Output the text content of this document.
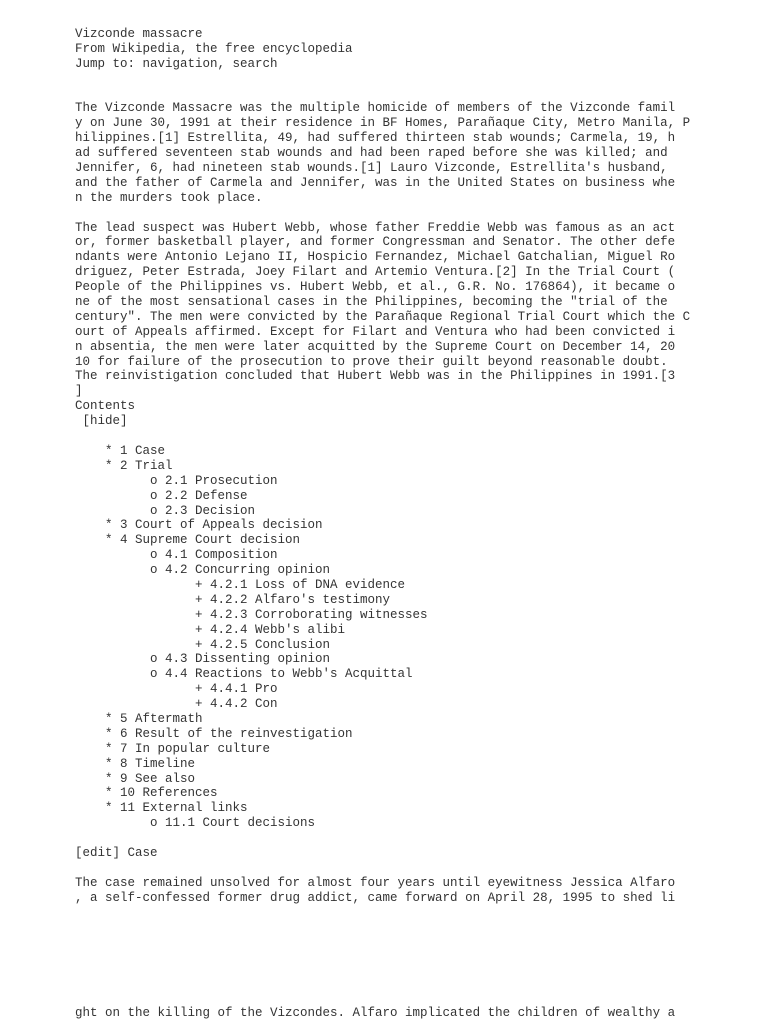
Vizconde massacre
From Wikipedia, the free encyclopedia
Jump to: navigation, search
The Vizconde Massacre was the multiple homicide of members of the Vizconde famil
y on June 30, 1991 at their residence in BF Homes, Parañaque City, Metro Manila, P
hilippines.[1] Estrellita, 49, had suffered thirteen stab wounds; Carmela, 19, h
ad suffered seventeen stab wounds and had been raped before she was killed; and
Jennifer, 6, had nineteen stab wounds.[1] Lauro Vizconde, Estrellita's husband,
and the father of Carmela and Jennifer, was in the United States on business whe
n the murders took place.
The lead suspect was Hubert Webb, whose father Freddie Webb was famous as an act
or, former basketball player, and former Congressman and Senator. The other defe
ndants were Antonio Lejano II, Hospicio Fernandez, Michael Gatchalian, Miguel Ro
driguez, Peter Estrada, Joey Filart and Artemio Ventura.[2] In the Trial Court (
People of the Philippines vs. Hubert Webb, et al., G.R. No. 176864), it became o
ne of the most sensational cases in the Philippines, becoming the "trial of the
century". The men were convicted by the Parañaque Regional Trial Court which the C
ourt of Appeals affirmed. Except for Filart and Ventura who had been convicted i
n absentia, the men were later acquitted by the Supreme Court on December 14, 20
10 for failure of the prosecution to prove their guilt beyond reasonable doubt.
The reinvistigation concluded that Hubert Webb was in the Philippines in 1991.[3
]
Contents
[hide]
* 1 Case
* 2 Trial
o 2.1 Prosecution
o 2.2 Defense
o 2.3 Decision
* 3 Court of Appeals decision
* 4 Supreme Court decision
o 4.1 Composition
o 4.2 Concurring opinion
+ 4.2.1 Loss of DNA evidence
+ 4.2.2 Alfaro's testimony
+ 4.2.3 Corroborating witnesses
+ 4.2.4 Webb's alibi
+ 4.2.5 Conclusion
o 4.3 Dissenting opinion
o 4.4 Reactions to Webb's Acquittal
+ 4.4.1 Pro
+ 4.4.2 Con
* 5 Aftermath
* 6 Result of the reinvestigation
* 7 In popular culture
* 8 Timeline
* 9 See also
* 10 References
* 11 External links
o 11.1 Court decisions
[edit] Case
The case remained unsolved for almost four years until eyewitness Jessica Alfaro
, a self-confessed former drug addict, came forward on April 28, 1995 to shed li
ght on the killing of the Vizcondes. Alfaro implicated the children of wealthy a
